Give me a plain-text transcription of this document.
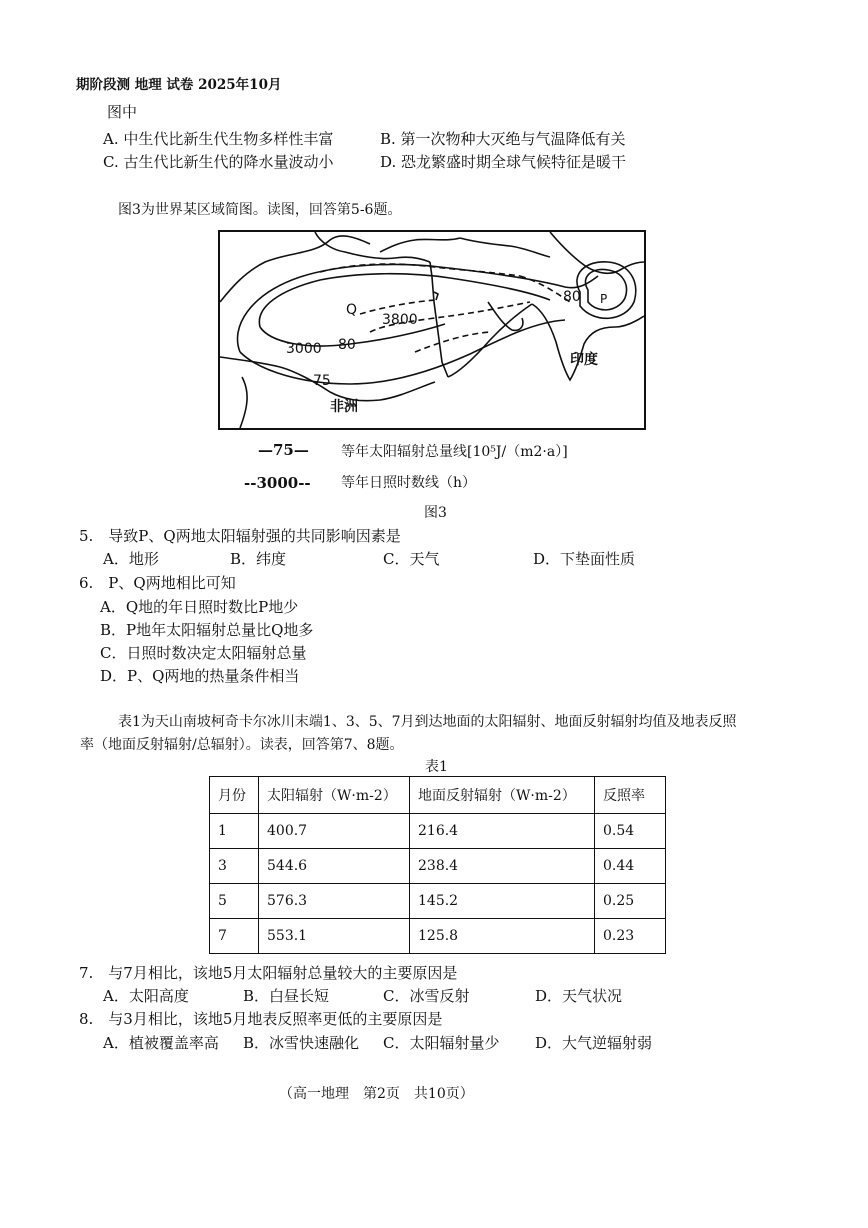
期阶段测 地理 试卷 2025年10月
图中
A. 中生代比新生代生物多样性丰富	B. 第一次物种大灭绝与气温降低有关
C. 古生代比新生代的降水量波动小	D. 恐龙繁盛时期全球气候特征是暖干
图3为世界某区域简图。读图，回答第5-6题。
Q
P
3800
3000 80
80
75
非洲
印度
—75— 等年太阳辐射总量线[10⁵J/（m2·a）]
--3000-- 等年日照时数线（h）
图3
5.　导致P、Q两地太阳辐射强的共同影响因素是
A．地形	B．纬度	C．天气	D．下垫面性质
6.　P、Q两地相比可知
A．Q地的年日照时数比P地少
B．P地年太阳辐射总量比Q地多
C．日照时数决定太阳辐射总量
D．P、Q两地的热量条件相当
表1为天山南坡柯奇卡尔冰川末端1、3、5、7月到达地面的太阳辐射、地面反射辐射均值及地表反照
率（地面反射辐射/总辐射）。读表，回答第7、8题。
表1
月份	太阳辐射（W·m-2）	地面反射辐射（W·m-2）	反照率
1	400.7	216.4	0.54
3	544.6	238.4	0.44
5	576.3	145.2	0.25
7	553.1	125.8	0.23
7.　与7月相比，该地5月太阳辐射总量较大的主要原因是
A．太阳高度	B．白昼长短	C．冰雪反射	D．天气状况
8.　与3月相比，该地5月地表反照率更低的主要原因是
A．植被覆盖率高 B．冰雪快速融化 C．太阳辐射量少 D．大气逆辐射弱
（高一地理　第2页　共10页）
